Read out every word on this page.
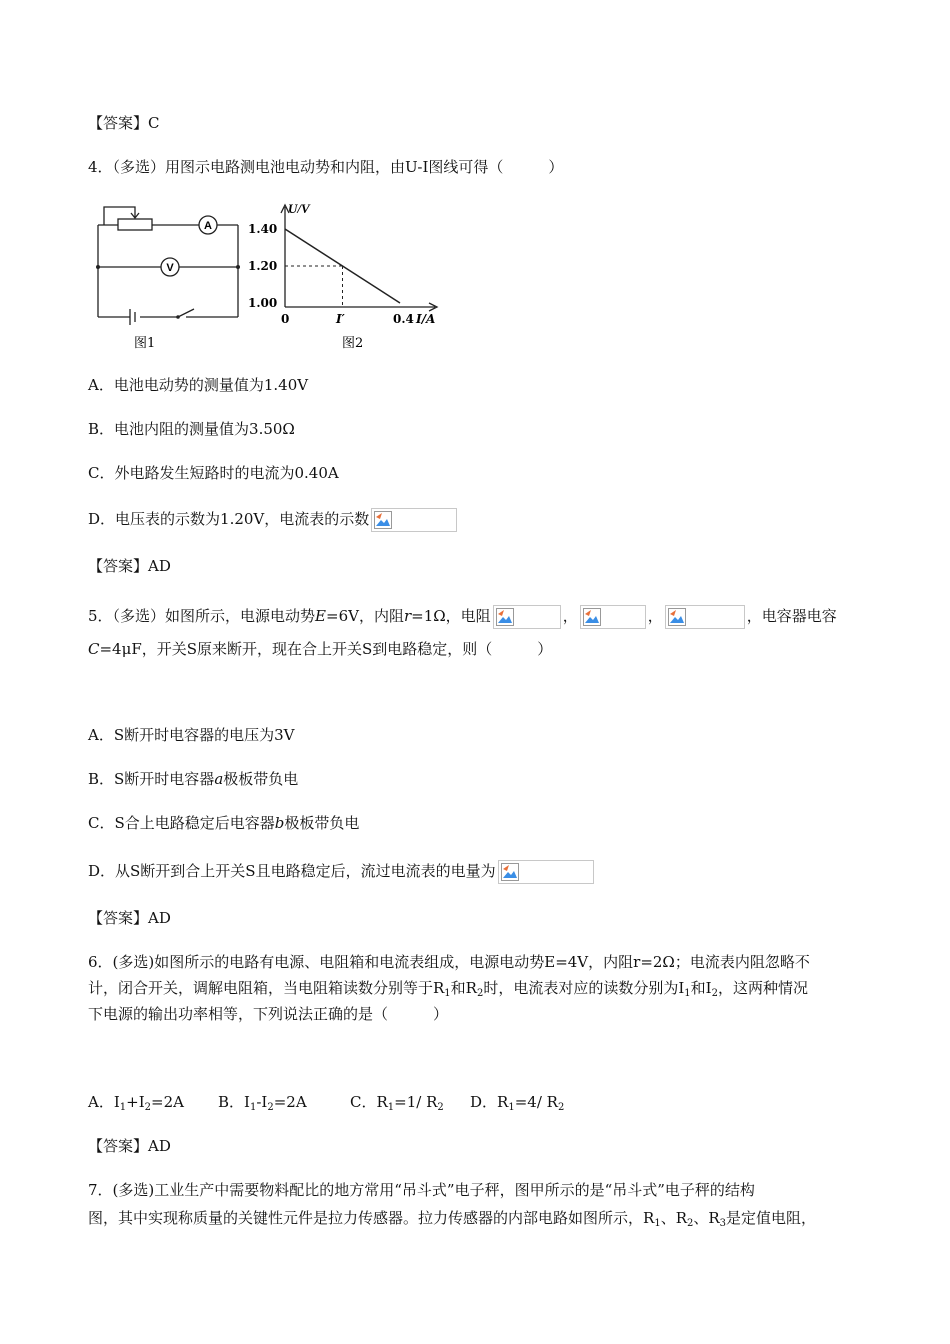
【答案】C
4．（多选）用图示电路测电池电动势和内阻，由U-I图线可得（　　　）
A
V
图1
U/V
1.40
1.20
1.00
0	I′	0.4 I/A
图2
A．电池电动势的测量值为1.40V
B．电池内阻的测量值为3.50Ω
C．外电路发生短路时的电流为0.40A
D．电压表的示数为1.20V，电流表的示数
【答案】AD
5．（多选）如图所示，电源电动势E=6V，内阻r=1Ω，电阻	，	，	，电容器电容
C=4μF，开关S原来断开，现在合上开关S到电路稳定，则（　　　）
A．S断开时电容器的电压为3V
B．S断开时电容器a极板带负电
C．S合上电路稳定后电容器b极板带负电
D．从S断开到合上开关S且电路稳定后，流过电流表的电量为
【答案】AD
6．(多选)如图所示的电路有电源、电阻箱和电流表组成，电源电动势E=4V，内阻r=2Ω；电流表内阻忽略不
计，闭合开关，调解电阻箱，当电阻箱读数分别等于$R_1$和$R_2$时，电流表对应的读数分别为$I_1$和$I_2$，这两种情况
下电源的输出功率相等，下列说法正确的是（　　　）
A．$I_1+I_2=2A$ B．$I_1-I_2=2A$	C．$R_1=1/$ $R_2$ D．$R_1=4/$ $R_2$
【答案】AD
7．(多选)工业生产中需要物料配比的地方常用“吊斗式”电子秤，图甲所示的是“吊斗式”电子秤的结构
图，其中实现称质量的关键性元件是拉力传感器。拉力传感器的内部电路如图所示，$R_1$、$R_2$、$R_3$是定值电阻，
